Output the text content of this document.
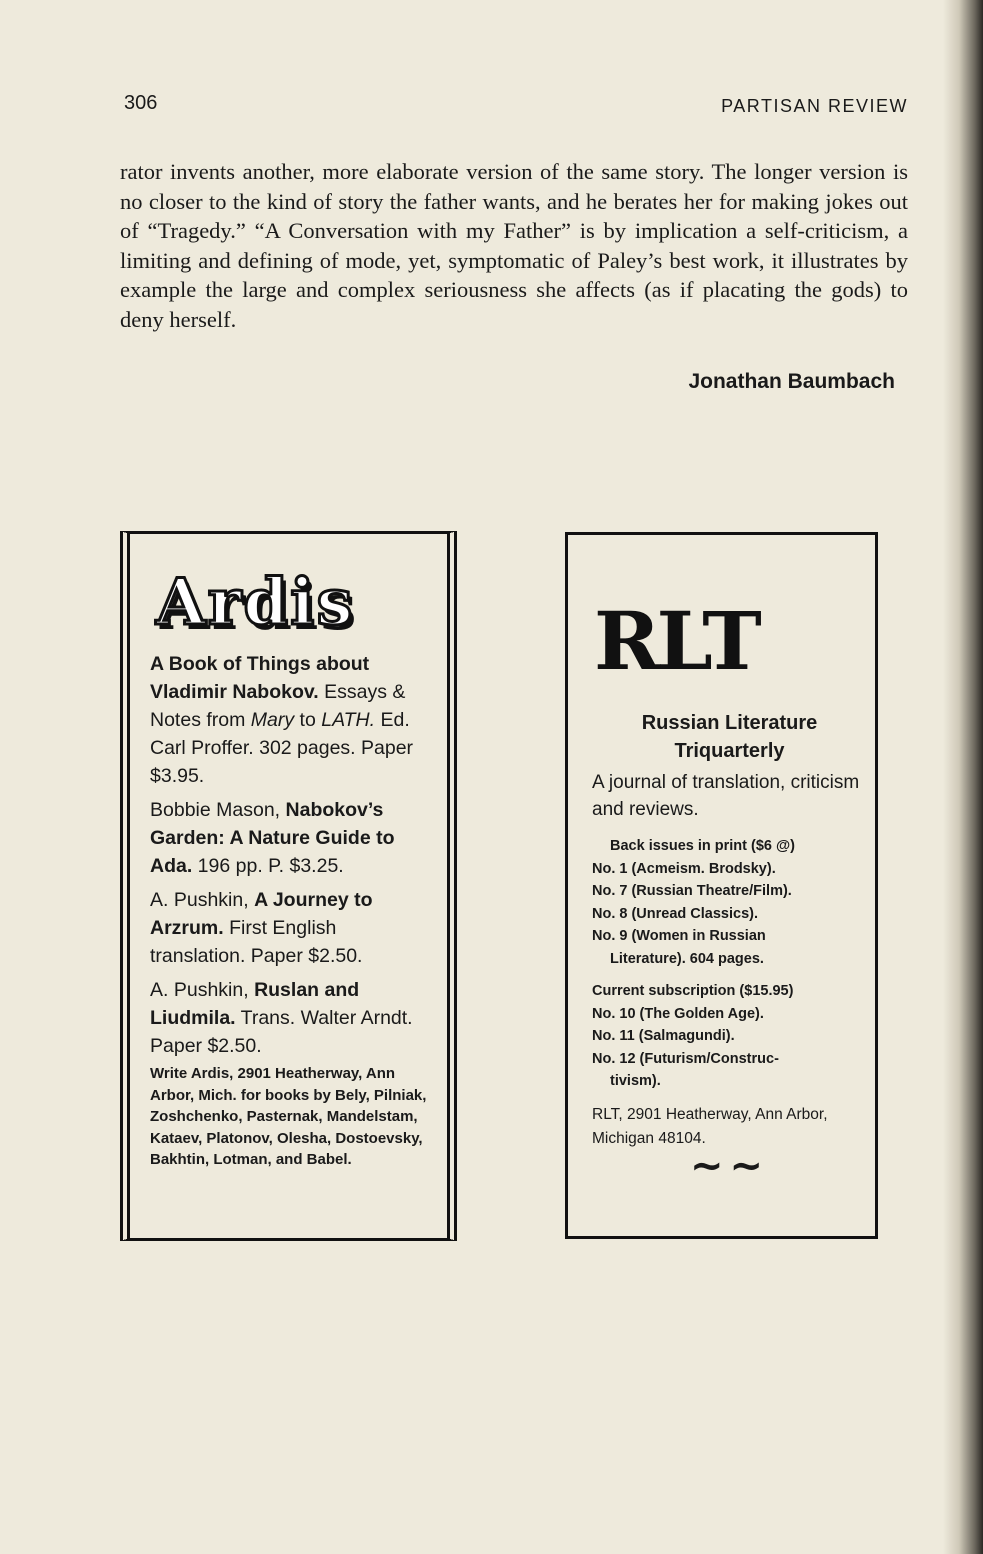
306	PARTISAN REVIEW

rator invents another, more elaborate version of the same story. The longer version is no closer to the kind of story the father wants, and he berates her for making jokes out of “Tragedy.” “A Conversation with my Father” is by implication a self-criticism, a limiting and defining of mode, yet, symptomatic of Paley’s best work, it illustrates by example the large and complex seriousness she affects (as if placating the gods) to deny herself.

Jonathan Baumbach
Ardis

A Book of Things about Vladimir Nabokov. Essays & Notes from Mary to LATH. Ed. Carl Proffer. 302 pages. Paper $3.95.

Bobbie Mason, Nabokov’s Garden: A Nature Guide to Ada. 196 pp. P. $3.25.

A. Pushkin, A Journey to Arzrum. First English translation. Paper $2.50.

A. Pushkin, Ruslan and Liudmila. Trans. Walter Arndt. Paper $2.50.

Write Ardis, 2901 Heatherway, Ann Arbor, Mich. for books by Bely, Pilniak, Zoshchenko, Pasternak, Mandelstam, Kataev, Platonov, Olesha, Dostoevsky, Bakhtin, Lotman, and Babel.

RLT
Russian Literature Triquarterly
A journal of translation, criticism and reviews.
Back issues in print ($6 @)
No. 1 (Acmeism. Brodsky).
No. 7 (Russian Theatre/Film).
No. 8 (Unread Classics).
No. 9 (Women in Russian
Literature). 604 pages.
Current subscription ($15.95)
No. 10 (The Golden Age).
No. 11 (Salmagundi).
No. 12 (Futurism/Construc-
tivism).
RLT, 2901 Heatherway, Ann Arbor, Michigan 48104.
~~
